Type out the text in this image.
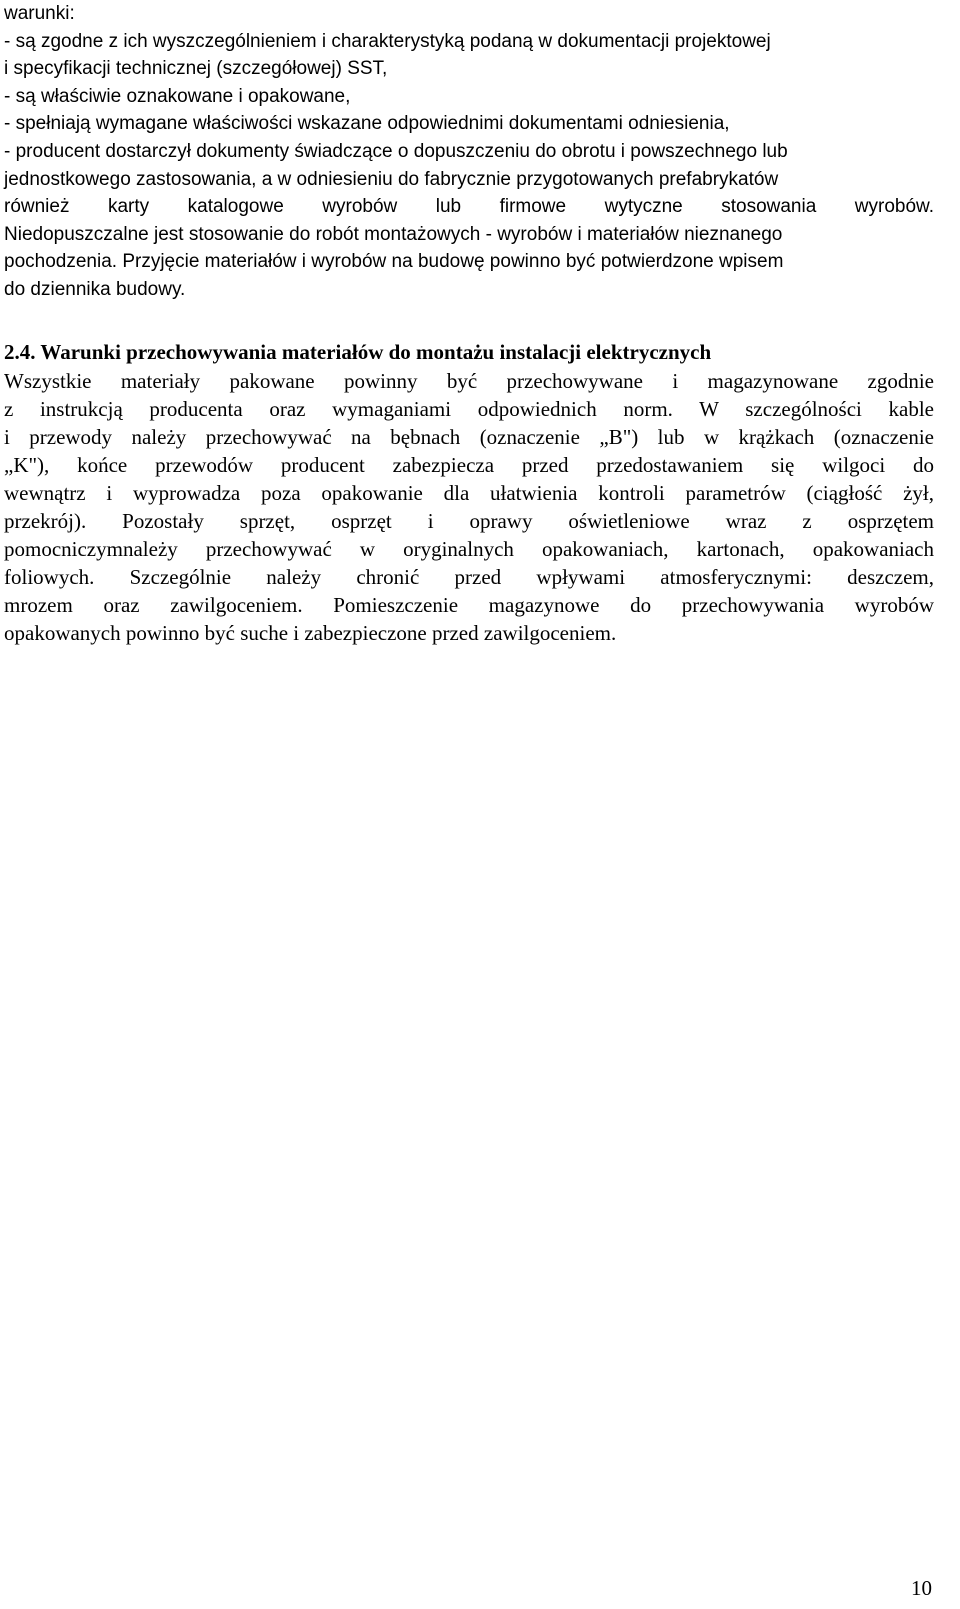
warunki:
- są zgodne z ich wyszczególnieniem i charakterystyką podaną w dokumentacji projektowej
i specyfikacji technicznej (szczegółowej) SST,
- są właściwie oznakowane i opakowane,
- spełniają wymagane właściwości wskazane odpowiednimi dokumentami odniesienia,
- producent dostarczył dokumenty świadczące o dopuszczeniu do obrotu i powszechnego lub
jednostkowego zastosowania, a w odniesieniu do fabrycznie przygotowanych prefabrykatów
również karty katalogowe wyrobów lub firmowe wytyczne stosowania wyrobów.
Niedopuszczalne jest stosowanie do robót montażowych - wyrobów i materiałów nieznanego
pochodzenia. Przyjęcie materiałów i wyrobów na budowę powinno być potwierdzone wpisem
do dziennika budowy.
2.4. Warunki przechowywania materiałów do montażu instalacji elektrycznych
Wszystkie materiały pakowane powinny być przechowywane i magazynowane zgodnie
z instrukcją producenta oraz wymaganiami odpowiednich norm. W szczególności kable
i przewody należy przechowywać na bębnach (oznaczenie „B") lub w krążkach (oznaczenie
„K"), końce przewodów producent zabezpiecza przed przedostawaniem się wilgoci do
wewnątrz i wyprowadza poza opakowanie dla ułatwienia kontroli parametrów (ciągłość żył,
przekrój). Pozostały sprzęt, osprzęt i oprawy oświetleniowe wraz z osprzętem
pomocniczymnależy przechowywać w oryginalnych opakowaniach, kartonach, opakowaniach
foliowych. Szczególnie należy chronić przed wpływami atmosferycznymi: deszczem,
mrozem oraz zawilgoceniem. Pomieszczenie magazynowe do przechowywania wyrobów
opakowanych powinno być suche i zabezpieczone przed zawilgoceniem.
10
